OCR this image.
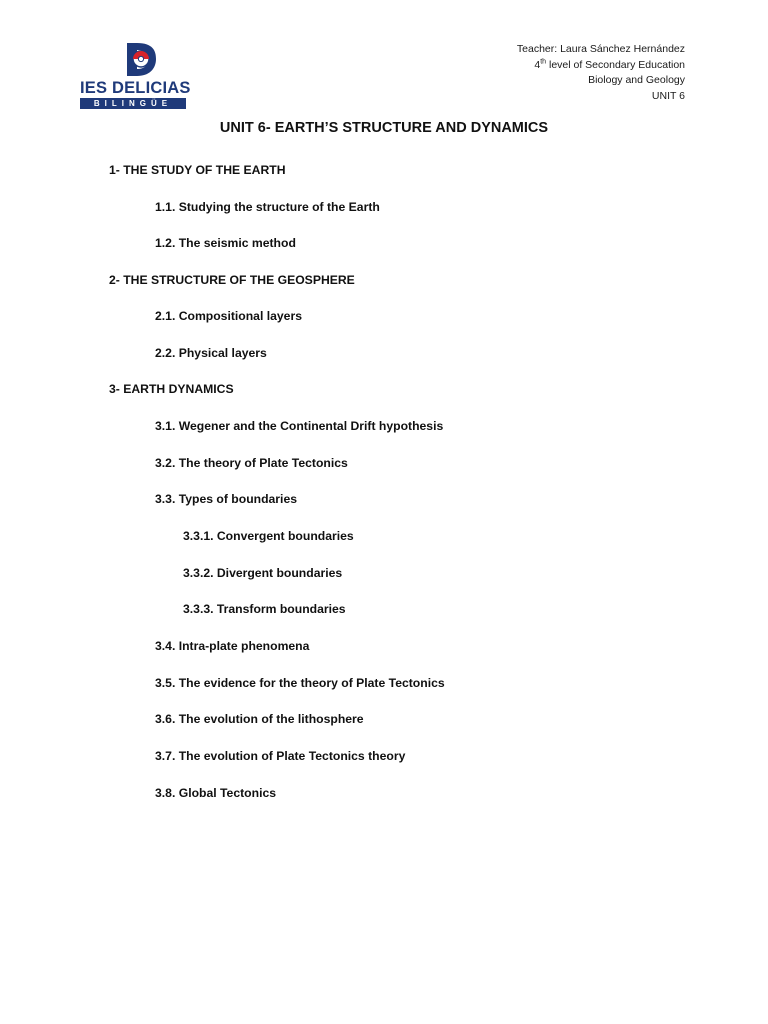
IES DELICIAS
BILINGÜE
Teacher: Laura Sánchez Hernández
4th level of Secondary Education
Biology and Geology
UNIT 6
UNIT 6- EARTH’S STRUCTURE AND DYNAMICS
1- THE STUDY OF THE EARTH
1.1. Studying the structure of the Earth
1.2. The seismic method
2- THE STRUCTURE OF THE GEOSPHERE
2.1. Compositional layers
2.2. Physical layers
3- EARTH DYNAMICS
3.1. Wegener and the Continental Drift hypothesis
3.2. The theory of Plate Tectonics
3.3. Types of boundaries
3.3.1. Convergent boundaries
3.3.2. Divergent boundaries
3.3.3. Transform boundaries
3.4. Intra-plate phenomena
3.5. The evidence for the theory of Plate Tectonics
3.6. The evolution of the lithosphere
3.7. The evolution of Plate Tectonics theory
3.8. Global Tectonics
